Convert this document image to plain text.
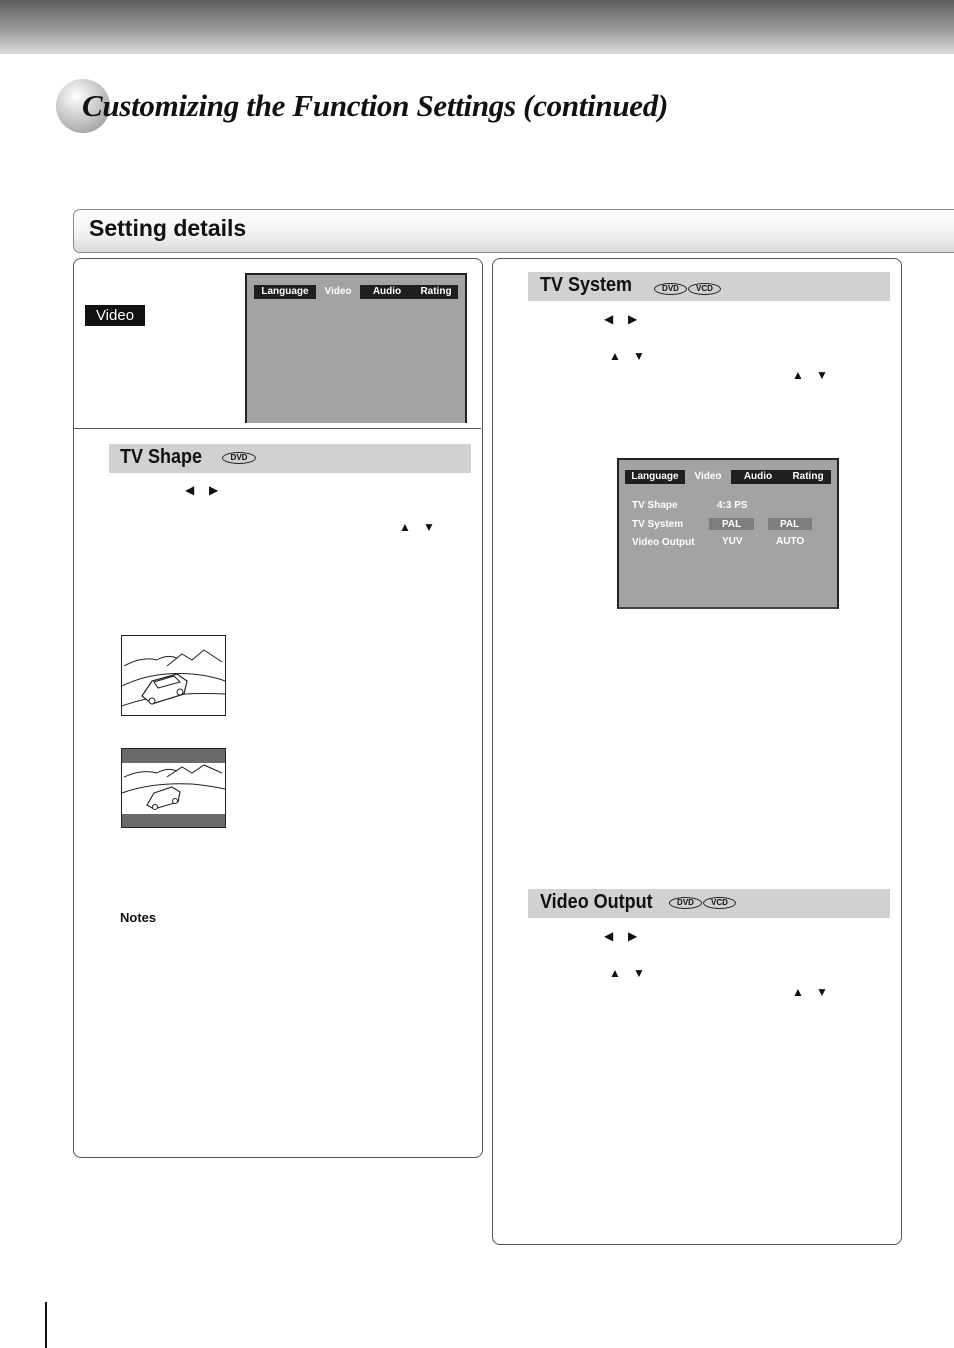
Customizing the Function Settings (continued)
Setting details
Video
Language	Video	Audio	Rating
TV Shape	DVD
◀ ▶
▲ ▼
Notes
TV System	DVD	VCD
◀ ▶
▲ ▼
▲ ▼
Language	Video	Audio	Rating
TV Shape	4:3 PS
TV System	PAL	PAL
Video Output	YUV	AUTO
Video Output	DVD	VCD
◀ ▶
▲ ▼
▲ ▼
